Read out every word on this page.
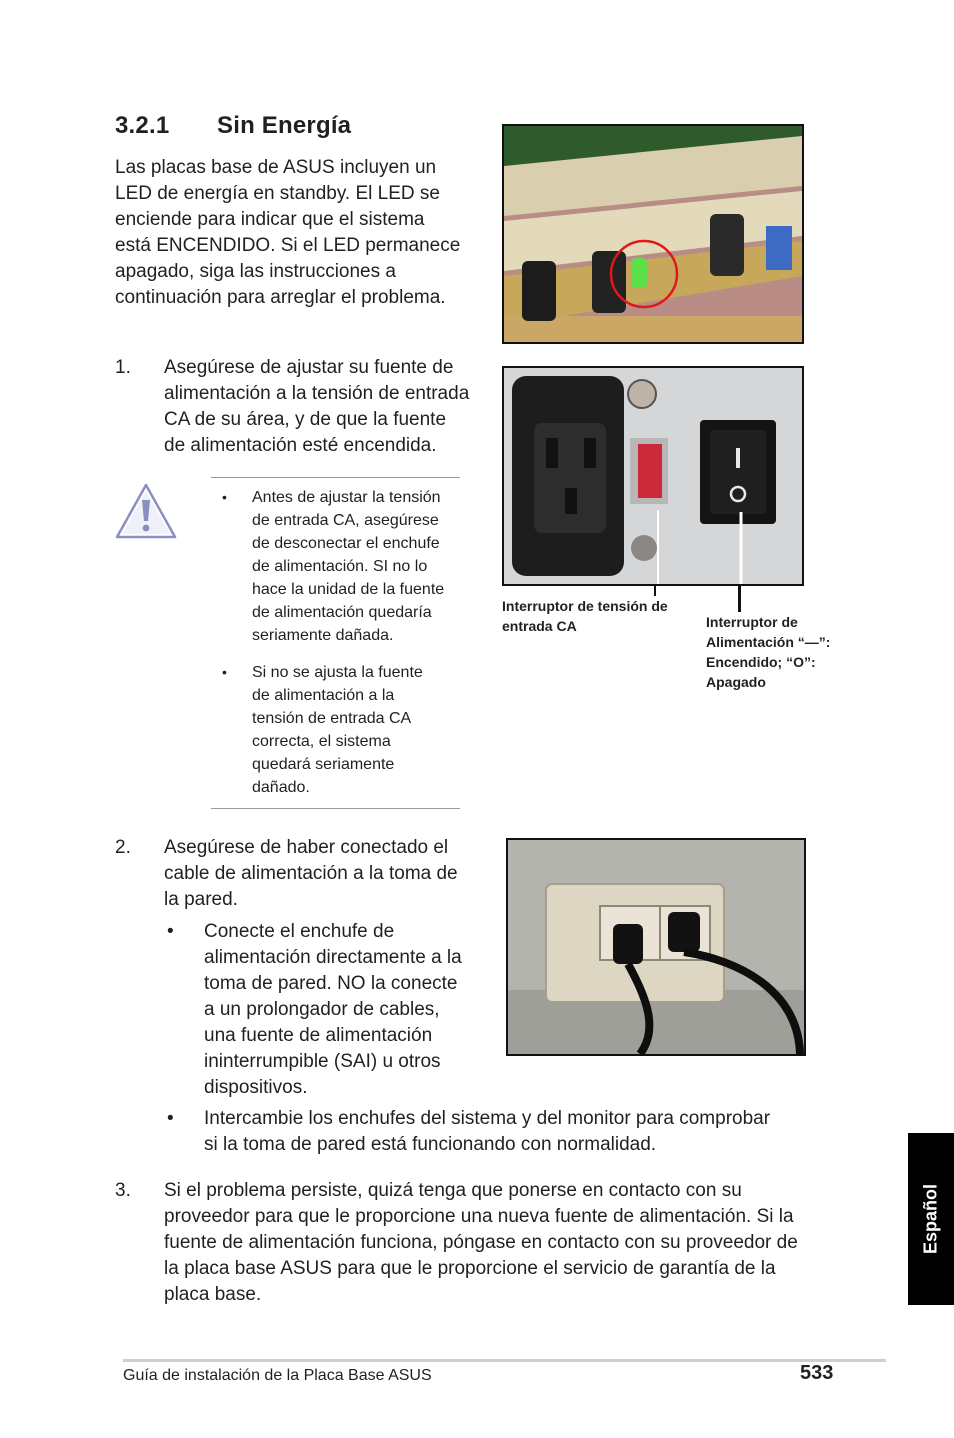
3.2.1 Sin Energía
Las placas base de ASUS incluyen un
LED de energía en standby. El LED se
enciende para indicar que el sistema
está ENCENDIDO. Si el LED permanece
apagado, siga las instrucciones a
continuación para arreglar el problema.
1. Asegúrese de ajustar su fuente de
alimentación a la tensión de entrada
CA de su área, y de que la fuente
de alimentación esté encendida.
Interruptor de tensión de
entrada CA	Interruptor de
Alimentación “—”:
Encendido; “O”:
Apagado
• Antes de ajustar la tensión
de entrada CA, asegúrese
de desconectar el enchufe
de alimentación. SI no lo
hace la unidad de la fuente
de alimentación quedaría
seriamente dañada.
• Si no se ajusta la fuente
de alimentación a la
tensión de entrada CA
correcta, el sistema
quedará seriamente
dañado.
2. Asegúrese de haber conectado el
cable de alimentación a la toma de
la pared.
• Conecte el enchufe de
alimentación directamente a la
toma de pared. NO la conecte
a un prolongador de cables,
una fuente de alimentación
ininterrumpible (SAI) u otros
dispositivos.
• Intercambie los enchufes del sistema y del monitor para comprobar
si la toma de pared está funcionando con normalidad.
3. Si el problema persiste, quizá tenga que ponerse en contacto con su
proveedor para que le proporcione una nueva fuente de alimentación. Si la
fuente de alimentación funciona, póngase en contacto con su proveedor de
la placa base ASUS para que le proporcione el servicio de garantía de la
placa base.
Español
Guía de instalación de la Placa Base ASUS	533
